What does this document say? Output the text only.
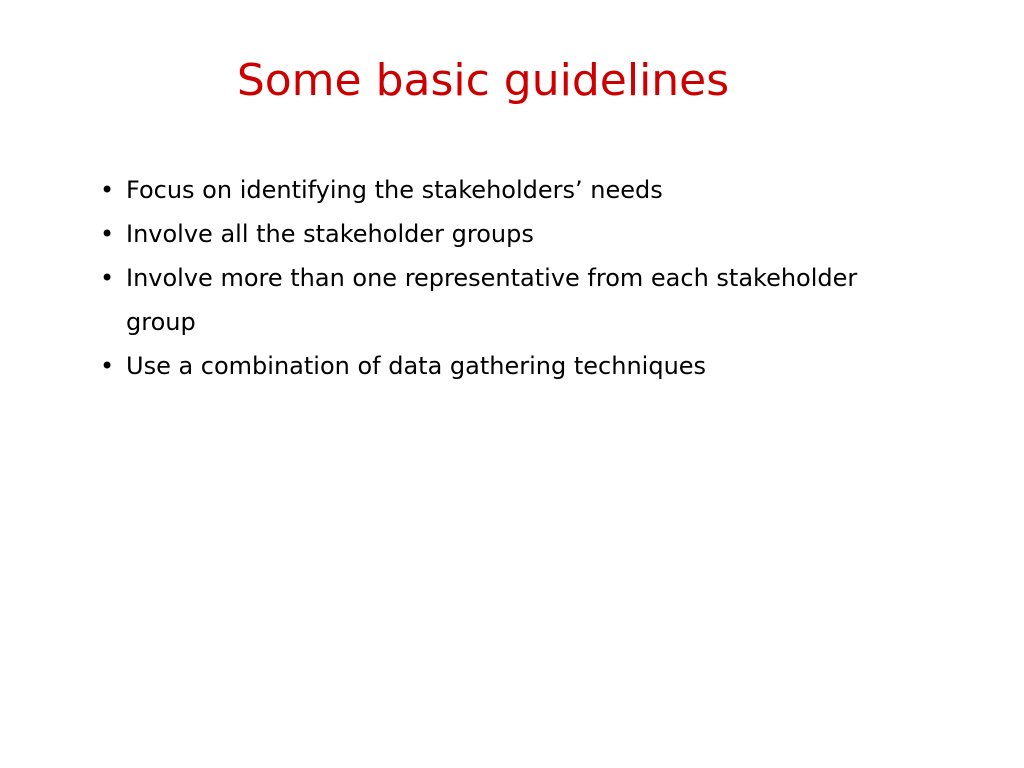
Some basic guidelines
• Focus on identifying the stakeholders’ needs
• Involve all the stakeholder groups
• Involve more than one representative from each stakeholder group
• Use a combination of data gathering techniques
